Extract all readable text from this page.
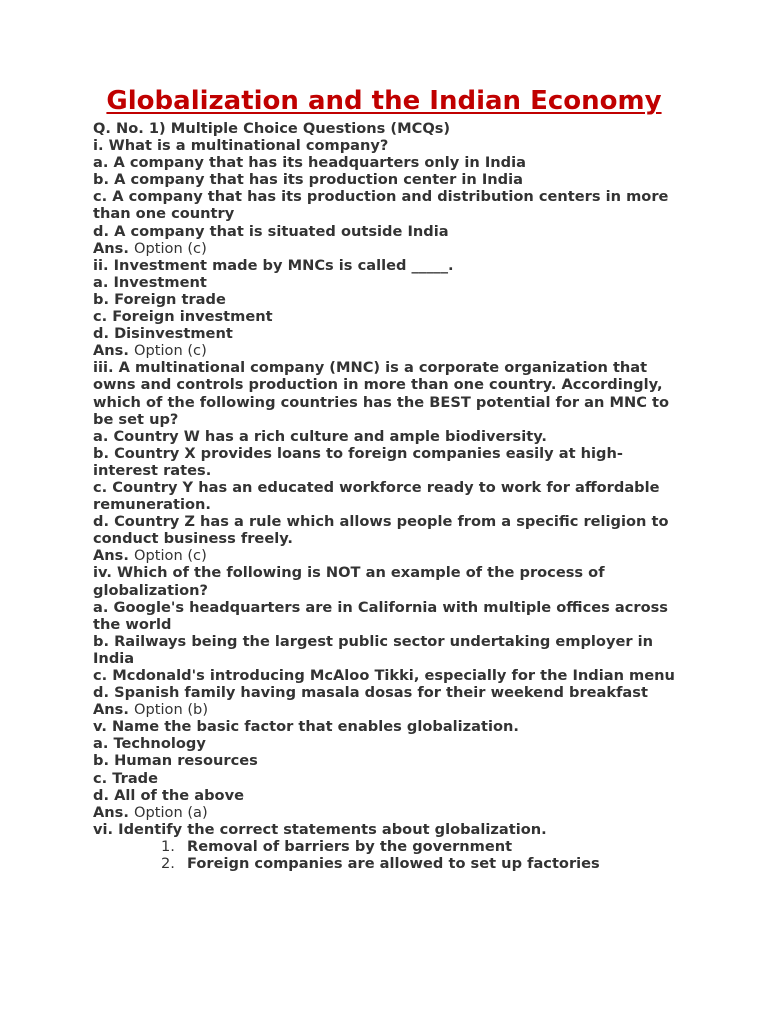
Globalization and the Indian Economy
Q. No. 1) Multiple Choice Questions (MCQs)
i. What is a multinational company?
a. A company that has its headquarters only in India
b. A company that has its production center in India
c. A company that has its production and distribution centers in more than one country
d. A company that is situated outside India
Ans. Option (c)
ii. Investment made by MNCs is called _____.
a. Investment
b. Foreign trade
c. Foreign investment
d. Disinvestment
Ans. Option (c)
iii. A multinational company (MNC) is a corporate organization that owns and controls production in more than one country. Accordingly, which of the following countries has the BEST potential for an MNC to be set up?
a. Country W has a rich culture and ample biodiversity.
b. Country X provides loans to foreign companies easily at high-interest rates.
c. Country Y has an educated workforce ready to work for affordable remuneration.
d. Country Z has a rule which allows people from a specific religion to conduct business freely.
Ans. Option (c)
iv. Which of the following is NOT an example of the process of globalization?
a. Google's headquarters are in California with multiple offices across the world
b. Railways being the largest public sector undertaking employer in India
c. Mcdonald's introducing McAloo Tikki, especially for the Indian menu
d. Spanish family having masala dosas for their weekend breakfast
Ans. Option (b)
v. Name the basic factor that enables globalization.
a. Technology
b. Human resources
c. Trade
d. All of the above
Ans. Option (a)
vi. Identify the correct statements about globalization.
1. Removal of barriers by the government
2. Foreign companies are allowed to set up factories
